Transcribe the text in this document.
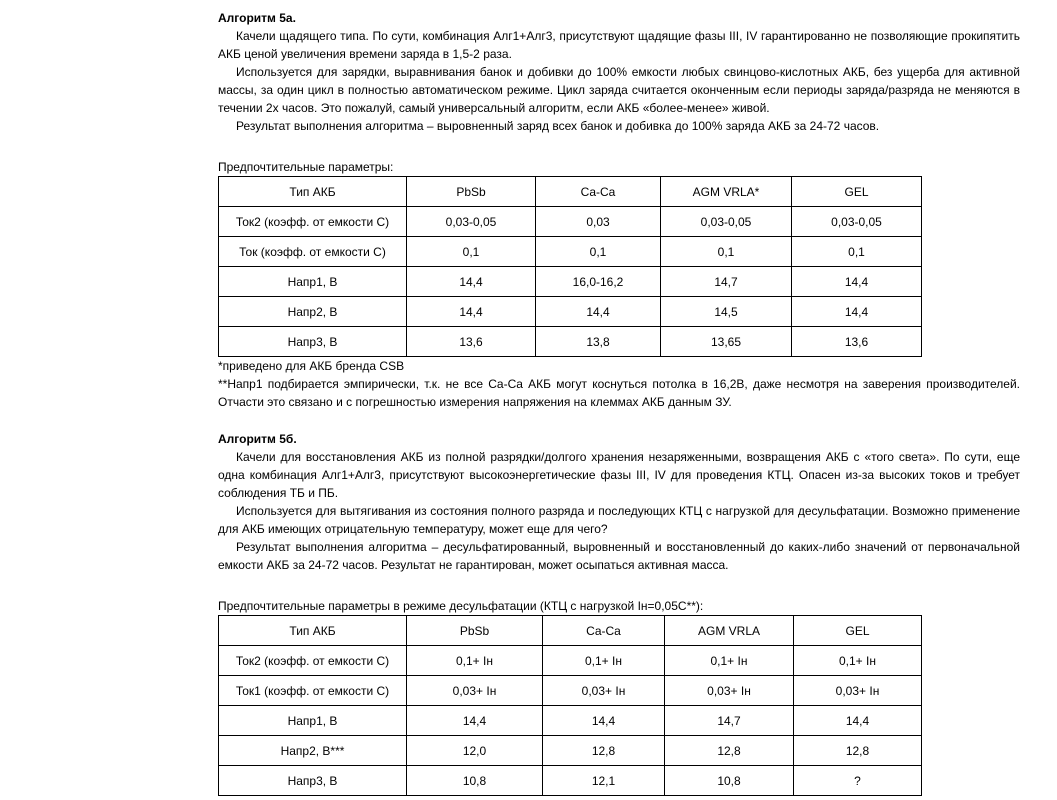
Алгоритм 5а.

Качели щадящего типа. По сути, комбинация Алг1+Алг3, присутствуют щадящие фазы III, IV гарантированно не позволяющие прокипятить АКБ ценой увеличения времени заряда в 1,5-2 раза.

Используется для зарядки, выравнивания банок и добивки до 100% емкости любых свинцово-кислотных АКБ, без ущерба для активной массы, за один цикл в полностью автоматическом режиме. Цикл заряда считается оконченным если периоды заряда/разряда не меняются в течении 2х часов. Это пожалуй, самый универсальный алгоритм, если АКБ «более-менее» живой.

Результат выполнения алгоритма – выровненный заряд всех банок и добивка до 100% заряда АКБ за 24-72 часов.

Предпочтительные параметры:

Тип АКБ	PbSb	Ca-Ca	AGM VRLA*	GEL
Ток2 (коэфф. от емкости С)	0,03-0,05	0,03	0,03-0,05	0,03-0,05
Ток (коэфф. от емкости С)	0,1	0,1	0,1	0,1
Напр1, В	14,4	16,0-16,2	14,7	14,4
Напр2, В	14,4	14,4	14,5	14,4
Напр3, В	13,6	13,8	13,65	13,6

*приведено для АКБ бренда CSB

**Напр1 подбирается эмпирически, т.к. не все Ca-Ca АКБ могут коснуться потолка в 16,2В, даже несмотря на заверения производителей. Отчасти это связано и с погрешностью измерения напряжения на клеммах АКБ данным ЗУ.

Алгоритм 5б.

Качели для восстановления АКБ из полной разрядки/долгого хранения незаряженными, возвращения АКБ с «того света». По сути, еще одна комбинация Алг1+Алг3, присутствуют высокоэнергетические фазы III, IV для проведения КТЦ. Опасен из-за высоких токов и требует соблюдения ТБ и ПБ.

Используется для вытягивания из состояния полного разряда и последующих КТЦ с нагрузкой для десульфатации. Возможно применение для АКБ имеющих отрицательную температуру, может еще для чего?

Результат выполнения алгоритма – десульфатированный, выровненный и восстановленный до каких-либо значений от первоначальной емкости АКБ за 24-72 часов. Результат не гарантирован, может осыпаться активная масса.

Предпочтительные параметры в режиме десульфатации (КТЦ с нагрузкой Iн=0,05С**):

Тип АКБ	PbSb	Ca-Ca	AGM VRLA	GEL
Ток2 (коэфф. от емкости С)	0,1+ Iн	0,1+ Iн	0,1+ Iн	0,1+ Iн
Ток1 (коэфф. от емкости С)	0,03+ Iн	0,03+ Iн	0,03+ Iн	0,03+ Iн
Напр1, В	14,4	14,4	14,7	14,4
Напр2, В***	12,0	12,8	12,8	12,8
Напр3, В	10,8	12,1	10,8	?
